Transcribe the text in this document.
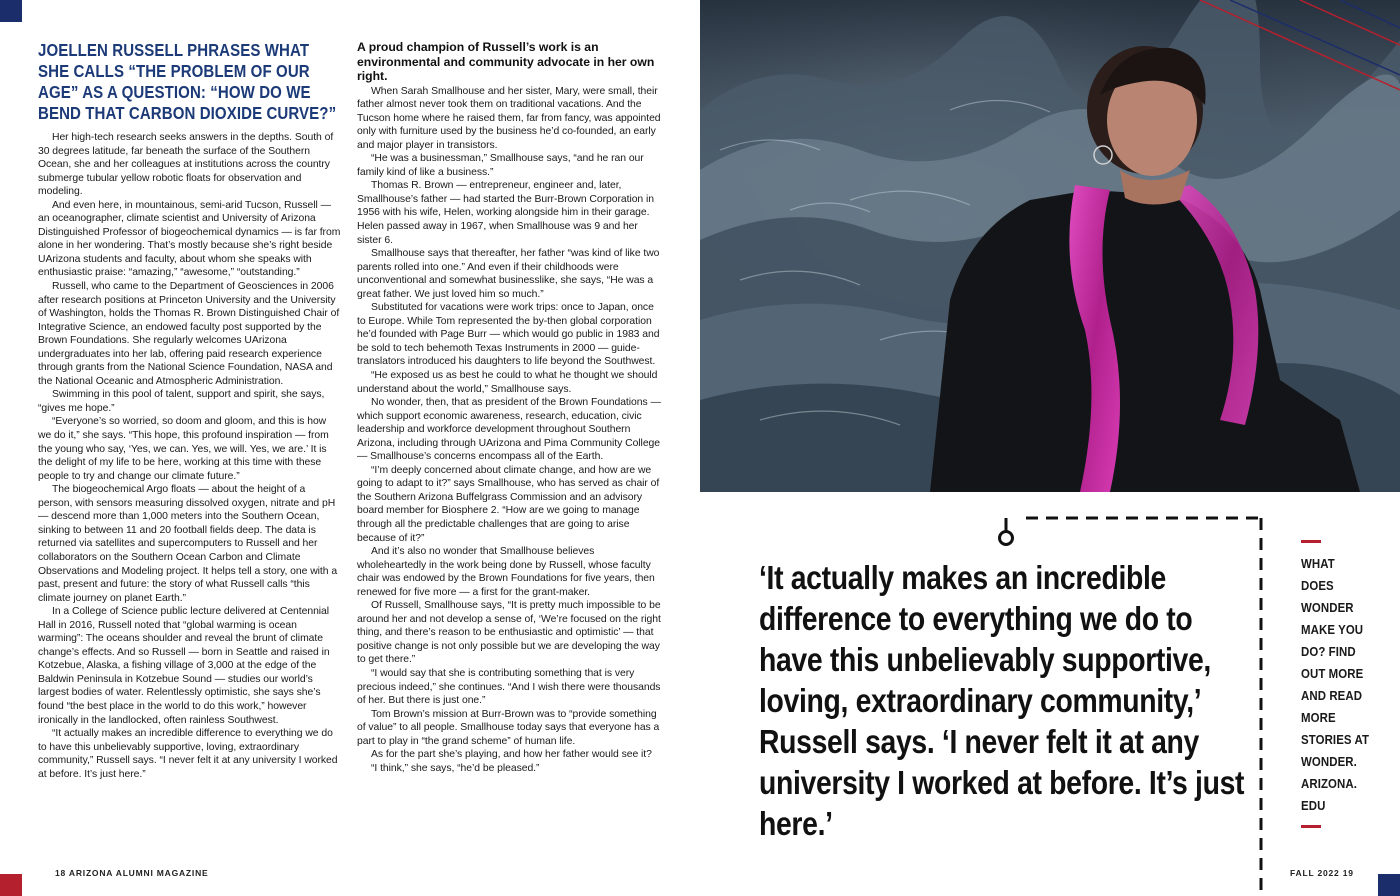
JOELLEN RUSSELL PHRASES WHAT SHE CALLS “THE PROBLEM OF OUR AGE” AS A QUESTION: “HOW DO WE BEND THAT CARBON DIOXIDE CURVE?”

Her high-tech research seeks answers in the depths. South of 30 degrees latitude, far beneath the surface of the Southern Ocean, she and her colleagues at institutions across the country submerge tubular yellow robotic floats for observation and modeling.

And even here, in mountainous, semi-arid Tucson, Russell — an oceanographer, climate scientist and University of Arizona Distinguished Professor of biogeochemical dynamics — is far from alone in her wondering. That’s mostly because she’s right beside UArizona students and faculty, about whom she speaks with enthusiastic praise: “amazing,” “awesome,” “outstanding.”

Russell, who came to the Department of Geosciences in 2006 after research positions at Princeton University and the University of Washington, holds the Thomas R. Brown Distinguished Chair of Integrative Science, an endowed faculty post supported by the Brown Foundations. She regularly welcomes UArizona undergraduates into her lab, offering paid research experience through grants from the National Science Foundation, NASA and the National Oceanic and Atmospheric Administration.

Swimming in this pool of talent, support and spirit, she says, “gives me hope.”

“Everyone’s so worried, so doom and gloom, and this is how we do it,” she says. “This hope, this profound inspiration — from the young who say, ‘Yes, we can. Yes, we will. Yes, we are.’ It is the delight of my life to be here, working at this time with these people to try and change our climate future.”

The biogeochemical Argo floats — about the height of a person, with sensors measuring dissolved oxygen, nitrate and pH — descend more than 1,000 meters into the Southern Ocean, sinking to between 11 and 20 football fields deep. The data is returned via satellites and supercomputers to Russell and her collaborators on the Southern Ocean Carbon and Climate Observations and Modeling project. It helps tell a story, one with a past, present and future: the story of what Russell calls “this climate journey on planet Earth.”

In a College of Science public lecture delivered at Centennial Hall in 2016, Russell noted that “global warming is ocean warming”: The oceans shoulder and reveal the brunt of climate change’s effects. And so Russell — born in Seattle and raised in Kotzebue, Alaska, a fishing village of 3,000 at the edge of the Baldwin Peninsula in Kotzebue Sound — studies our world’s largest bodies of water. Relentlessly optimistic, she says she’s found “the best place in the world to do this work,” however ironically in the landlocked, often rainless Southwest.

“It actually makes an incredible difference to everything we do to have this unbelievably supportive, loving, extraordinary community,” Russell says. “I never felt it at any university I worked at before. It’s just here.”

A proud champion of Russell’s work is an environmental and community advocate in her own right.

When Sarah Smallhouse and her sister, Mary, were small, their father almost never took them on traditional vacations. And the Tucson home where he raised them, far from fancy, was appointed only with furniture used by the business he’d co-founded, an early and major player in transistors.

“He was a businessman,” Smallhouse says, “and he ran our family kind of like a business.”

Thomas R. Brown — entrepreneur, engineer and, later, Smallhouse’s father — had started the Burr-Brown Corporation in 1956 with his wife, Helen, working alongside him in their garage. Helen passed away in 1967, when Smallhouse was 9 and her sister 6.

Smallhouse says that thereafter, her father “was kind of like two parents rolled into one.” And even if their childhoods were unconventional and somewhat businesslike, she says, “He was a great father. We just loved him so much.”

Substituted for vacations were work trips: once to Japan, once to Europe. While Tom represented the by-then global corporation he’d founded with Page Burr — which would go public in 1983 and be sold to tech behemoth Texas Instruments in 2000 — guide-translators introduced his daughters to life beyond the Southwest.

“He exposed us as best he could to what he thought we should understand about the world,” Smallhouse says.

No wonder, then, that as president of the Brown Foundations — which support economic awareness, research, education, civic leadership and workforce development throughout Southern Arizona, including through UArizona and Pima Community College — Smallhouse’s concerns encompass all of the Earth.

“I’m deeply concerned about climate change, and how are we going to adapt to it?” says Smallhouse, who has served as chair of the Southern Arizona Buffelgrass Commission and an advisory board member for Biosphere 2. “How are we going to manage through all the predictable challenges that are going to arise because of it?”

And it’s also no wonder that Smallhouse believes wholeheartedly in the work being done by Russell, whose faculty chair was endowed by the Brown Foundations for five years, then renewed for five more — a first for the grant-maker.

Of Russell, Smallhouse says, “It is pretty much impossible to be around her and not develop a sense of, ‘We’re focused on the right thing, and there’s reason to be enthusiastic and optimistic’ — that positive change is not only possible but we are developing the way to get there.”

“I would say that she is contributing something that is very precious indeed,” she continues. “And I wish there were thousands of her. But there is just one.”

Tom Brown’s mission at Burr-Brown was to “provide something of value” to all people. Smallhouse today says that everyone has a part to play in “the grand scheme” of human life.

As for the part she’s playing, and how her father would see it?

“I think,” she says, “he’d be pleased.”

18 ARIZONA ALUMNI MAGAZINE
‘It actually makes an incredible difference to everything we do to have this unbelievably supportive, loving, extraordinary community,’ Russell says. ‘I never felt it at any university I worked at before. It’s just here.’
WHAT
DOES
WONDER
MAKE YOU
DO? FIND
OUT MORE
AND READ
MORE
STORIES AT
WONDER.
ARIZONA.
EDU
FALL 2022 19
